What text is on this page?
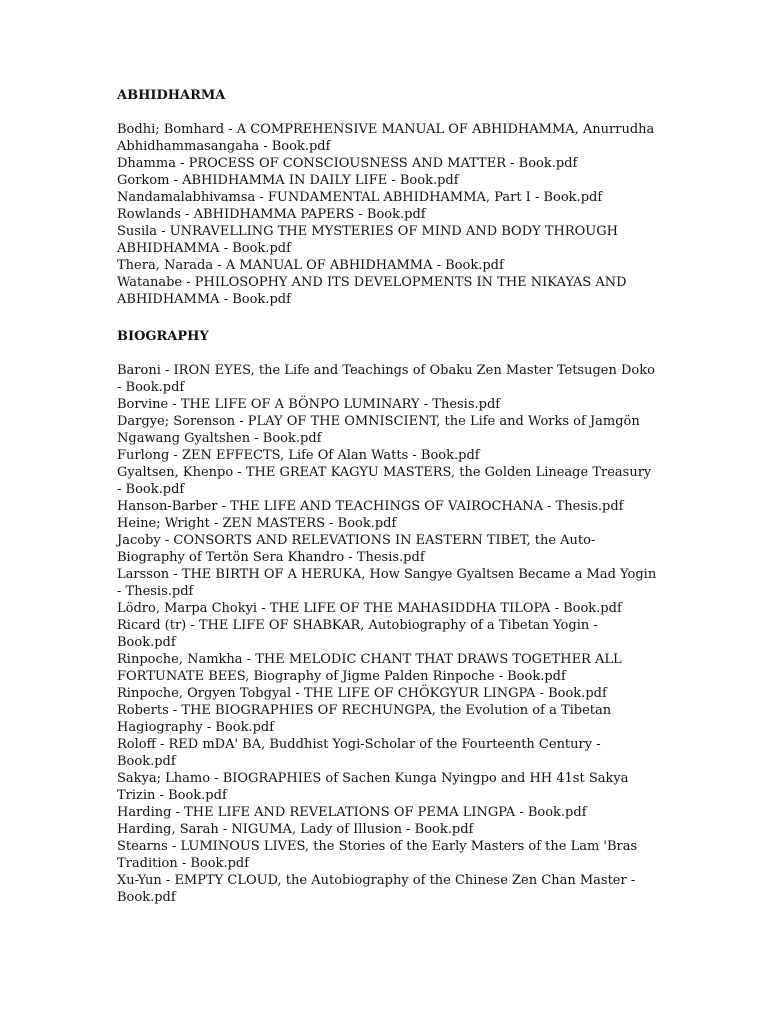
ABHIDHARMA
Bodhi; Bomhard - A COMPREHENSIVE MANUAL OF ABHIDHAMMA, Anurrudha Abhidhammasangaha - Book.pdf
Dhamma - PROCESS OF CONSCIOUSNESS AND MATTER - Book.pdf
Gorkom - ABHIDHAMMA IN DAILY LIFE - Book.pdf
Nandamalabhivamsa - FUNDAMENTAL ABHIDHAMMA, Part I - Book.pdf
Rowlands - ABHIDHAMMA PAPERS - Book.pdf
Susila - UNRAVELLING THE MYSTERIES OF MIND AND BODY THROUGH ABHIDHAMMA - Book.pdf
Thera, Narada - A MANUAL OF ABHIDHAMMA - Book.pdf
Watanabe - PHILOSOPHY AND ITS DEVELOPMENTS IN THE NIKAYAS AND ABHIDHAMMA - Book.pdf
BIOGRAPHY
Baroni - IRON EYES, the Life and Teachings of Obaku Zen Master Tetsugen Doko - Book.pdf
Borvine - THE LIFE OF A BÖNPO LUMINARY - Thesis.pdf
Dargye; Sorenson - PLAY OF THE OMNISCIENT, the Life and Works of Jamgön Ngawang Gyaltshen - Book.pdf
Furlong - ZEN EFFECTS, Life Of Alan Watts - Book.pdf
Gyaltsen, Khenpo - THE GREAT KAGYU MASTERS, the Golden Lineage Treasury - Book.pdf
Hanson-Barber - THE LIFE AND TEACHINGS OF VAIROCHANA - Thesis.pdf
Heine; Wright - ZEN MASTERS - Book.pdf
Jacoby - CONSORTS AND RELEVATIONS IN EASTERN TIBET, the Auto-Biography of Tertön Sera Khandro - Thesis.pdf
Larsson - THE BIRTH OF A HERUKA, How Sangye Gyaltsen Became a Mad Yogin - Thesis.pdf
Lödro, Marpa Chokyi - THE LIFE OF THE MAHASIDDHA TILOPA - Book.pdf
Ricard (tr) - THE LIFE OF SHABKAR, Autobiography of a Tibetan Yogin - Book.pdf
Rinpoche, Namkha - THE MELODIC CHANT THAT DRAWS TOGETHER ALL FORTUNATE BEES, Biography of Jigme Palden Rinpoche - Book.pdf
Rinpoche, Orgyen Tobgyal - THE LIFE OF CHÖKGYUR LINGPA - Book.pdf
Roberts - THE BIOGRAPHIES OF RECHUNGPA, the Evolution of a Tibetan Hagiography - Book.pdf
Roloff - RED mDA' BA, Buddhist Yogi-Scholar of the Fourteenth Century - Book.pdf
Sakya; Lhamo - BIOGRAPHIES of Sachen Kunga Nyingpo and HH 41st Sakya Trizin - Book.pdf
Harding - THE LIFE AND REVELATIONS OF PEMA LINGPA - Book.pdf
Harding, Sarah - NIGUMA, Lady of Illusion - Book.pdf
Stearns - LUMINOUS LIVES, the Stories of the Early Masters of the Lam 'Bras Tradition - Book.pdf
Xu-Yun - EMPTY CLOUD, the Autobiography of the Chinese Zen Chan Master - Book.pdf
